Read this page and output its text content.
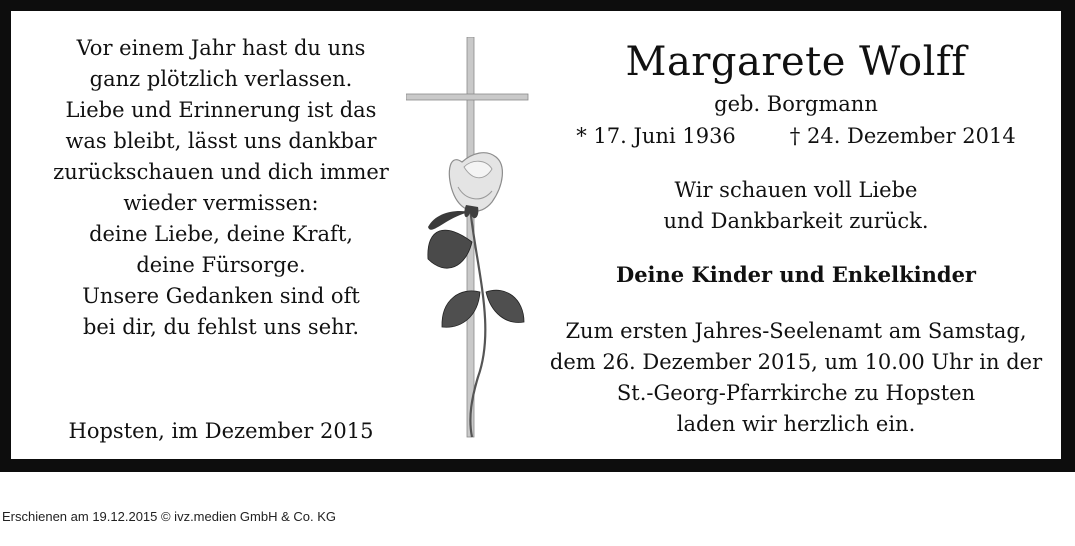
Vor einem Jahr hast du uns
ganz plötzlich verlassen.
Liebe und Erinnerung ist das
was bleibt, lässt uns dankbar
zurückschauen und dich immer
wieder vermissen:
deine Liebe, deine Kraft,
deine Fürsorge.
Unsere Gedanken sind oft
bei dir, du fehlst uns sehr.
Hopsten, im Dezember 2015
Margarete Wolff
geb. Borgmann
* 17. Juni 1936	† 24. Dezember 2014
Wir schauen voll Liebe
und Dankbarkeit zurück.
Deine Kinder und Enkelkinder
Zum ersten Jahres-Seelenamt am Samstag,
dem 26. Dezember 2015, um 10.00 Uhr in der
St.-Georg-Pfarrkirche zu Hopsten
laden wir herzlich ein.
Erschienen am 19.12.2015 © ivz.medien GmbH & Co. KG
